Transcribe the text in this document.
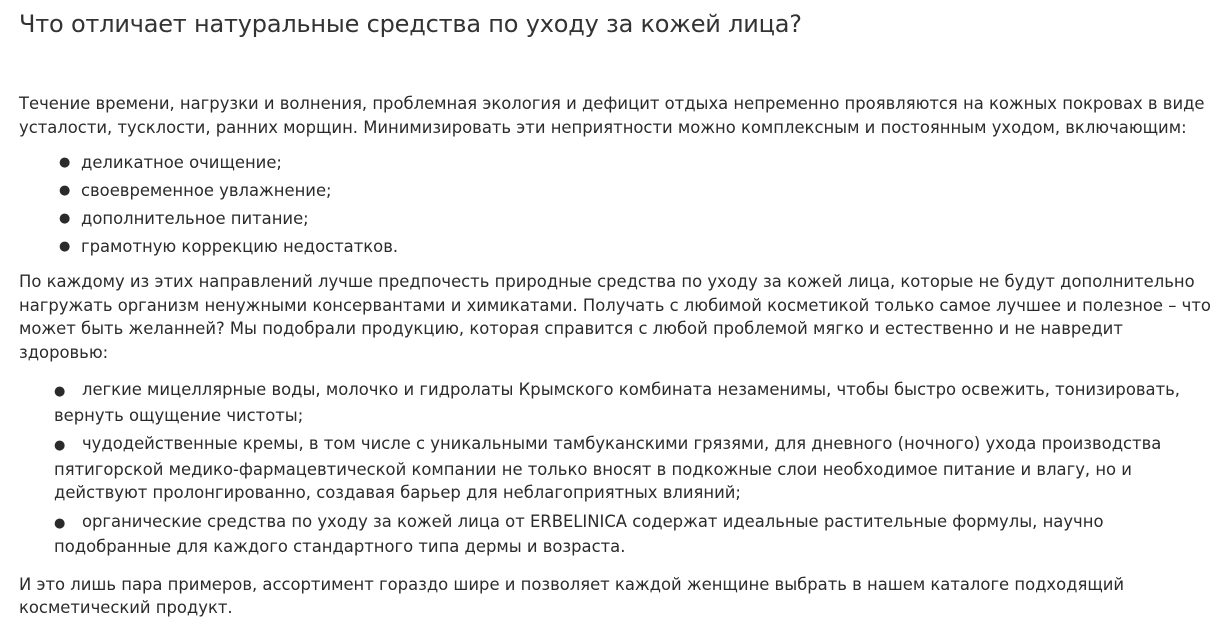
Что отличает натуральные средства по уходу за кожей лица?

Течение времени, нагрузки и волнения, проблемная экология и дефицит отдыха непременно проявляются на кожных покровах в виде усталости, тусклости, ранних морщин. Минимизировать эти неприятности можно комплексным и постоянным уходом, включающим:

● деликатное очищение;
● своевременное увлажнение;
● дополнительное питание;
● грамотную коррекцию недостатков.

По каждому из этих направлений лучше предпочесть природные средства по уходу за кожей лица, которые не будут дополнительно нагружать организм ненужными консервантами и химикатами. Получать с любимой косметикой только самое лучшее и полезное – что может быть желанней? Мы подобрали продукцию, которая справится с любой проблемой мягко и естественно и не навредит здоровью:

● легкие мицеллярные воды, молочко и гидролаты Крымского комбината незаменимы, чтобы быстро освежить, тонизировать, вернуть ощущение чистоты;
● чудодейственные кремы, в том числе с уникальными тамбуканскими грязями, для дневного (ночного) ухода производства пятигорской медико-фармацевтической компании не только вносят в подкожные слои необходимое питание и влагу, но и действуют пролонгированно, создавая барьер для неблагоприятных влияний;
● органические средства по уходу за кожей лица от ERBELINICA содержат идеальные растительные формулы, научно подобранные для каждого стандартного типа дермы и возраста.

И это лишь пара примеров, ассортимент гораздо шире и позволяет каждой женщине выбрать в нашем каталоге подходящий косметический продукт.
